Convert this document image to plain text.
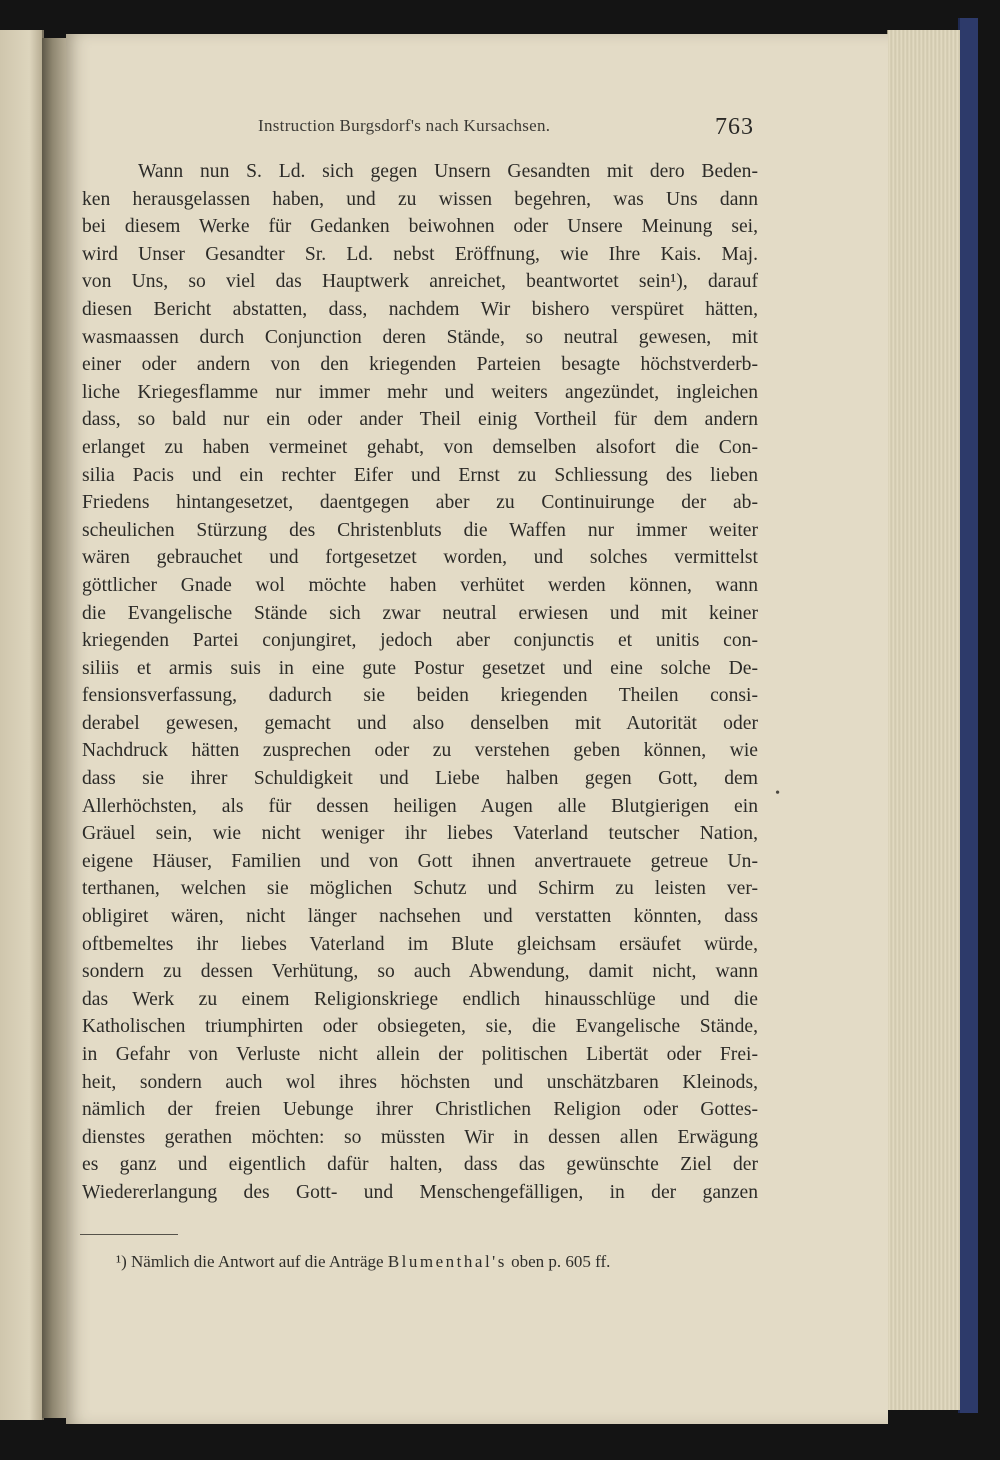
Instruction Burgsdorf's nach Kursachsen.	763
Wann nun S. Ld. sich gegen Unsern Gesandten mit dero Beden-
ken herausgelassen haben, und zu wissen begehren, was Uns dann
bei diesem Werke für Gedanken beiwohnen oder Unsere Meinung sei,
wird Unser Gesandter Sr. Ld. nebst Eröffnung, wie Ihre Kais. Maj.
von Uns, so viel das Hauptwerk anreichet, beantwortet sein¹), darauf
diesen Bericht abstatten, dass, nachdem Wir bishero verspüret hätten,
wasmaassen durch Conjunction deren Stände, so neutral gewesen, mit
einer oder andern von den kriegenden Parteien besagte höchstverderb-
liche Kriegesflamme nur immer mehr und weiters angezündet, ingleichen
dass, so bald nur ein oder ander Theil einig Vortheil für dem andern
erlanget zu haben vermeinet gehabt, von demselben alsofort die Con-
silia Pacis und ein rechter Eifer und Ernst zu Schliessung des lieben
Friedens hintangesetzet, daentgegen aber zu Continuirunge der ab-
scheulichen Stürzung des Christenbluts die Waffen nur immer weiter
wären gebrauchet und fortgesetzet worden, und solches vermittelst
göttlicher Gnade wol möchte haben verhütet werden können, wann
die Evangelische Stände sich zwar neutral erwiesen und mit keiner
kriegenden Partei conjungiret, jedoch aber conjunctis et unitis con-
siliis et armis suis in eine gute Postur gesetzet und eine solche De-
fensionsverfassung, dadurch sie beiden kriegenden Theilen consi-
derabel gewesen, gemacht und also denselben mit Autorität oder
Nachdruck hätten zusprechen oder zu verstehen geben können, wie
dass sie ihrer Schuldigkeit und Liebe halben gegen Gott, dem
Allerhöchsten, als für dessen heiligen Augen alle Blutgierigen ein
Gräuel sein, wie nicht weniger ihr liebes Vaterland teutscher Nation,
eigene Häuser, Familien und von Gott ihnen anvertrauete getreue Un-
terthanen, welchen sie möglichen Schutz und Schirm zu leisten ver-
obligiret wären, nicht länger nachsehen und verstatten könnten, dass
oftbemeltes ihr liebes Vaterland im Blute gleichsam ersäufet würde,
sondern zu dessen Verhütung, so auch Abwendung, damit nicht, wann
das Werk zu einem Religionskriege endlich hinausschlüge und die
Katholischen triumphirten oder obsiegeten, sie, die Evangelische Stände,
in Gefahr von Verluste nicht allein der politischen Libertät oder Frei-
heit, sondern auch wol ihres höchsten und unschätzbaren Kleinods,
nämlich der freien Uebunge ihrer Christlichen Religion oder Gottes-
dienstes gerathen möchten: so müssten Wir in dessen allen Erwägung
es ganz und eigentlich dafür halten, dass das gewünschte Ziel der
Wiedererlangung des Gott- und Menschengefälligen, in der ganzen
•
¹) Nämlich die Antwort auf die Anträge Blumenthal's oben p. 605 ff.
